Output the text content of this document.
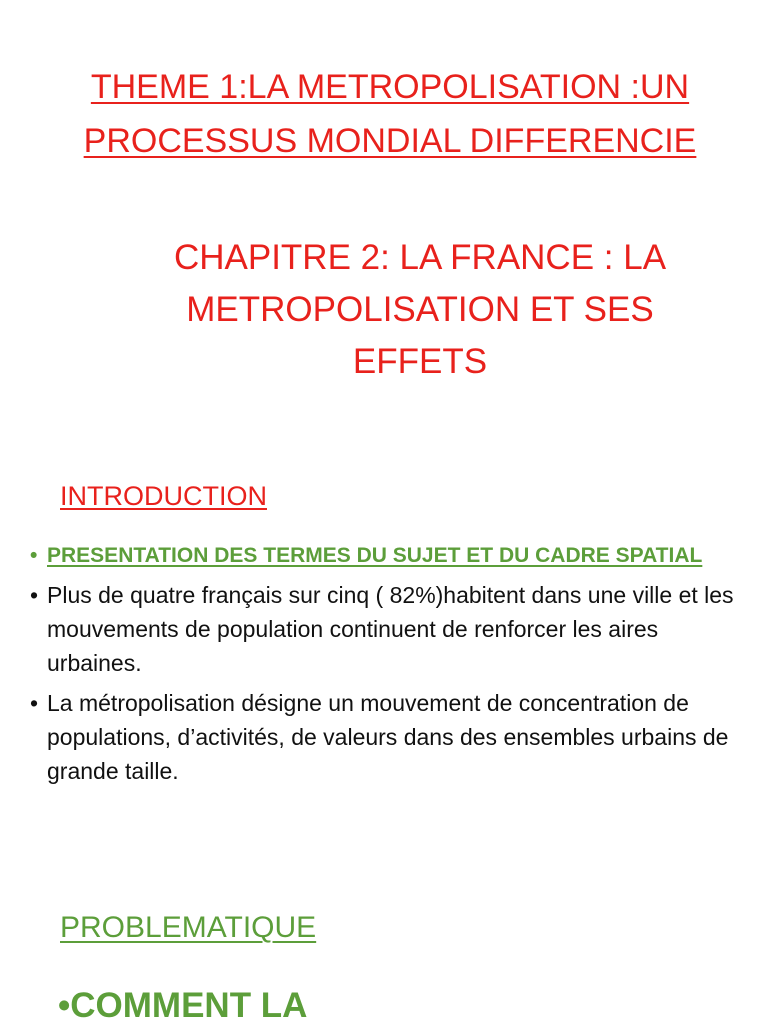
THEME 1:LA METROPOLISATION :UN PROCESSUS MONDIAL DIFFERENCIE
CHAPITRE 2: LA FRANCE : LA METROPOLISATION ET SES EFFETS
INTRODUCTION
• PRESENTATION DES TERMES DU SUJET ET DU CADRE SPATIAL
• Plus de quatre français sur cinq ( 82%)habitent dans une ville et les mouvements de population continuent de renforcer les aires urbaines.
• La métropolisation désigne un mouvement de concentration de populations, d’activités, de valeurs dans des ensembles urbains de grande taille.
PROBLEMATIQUE
•COMMENT LA
